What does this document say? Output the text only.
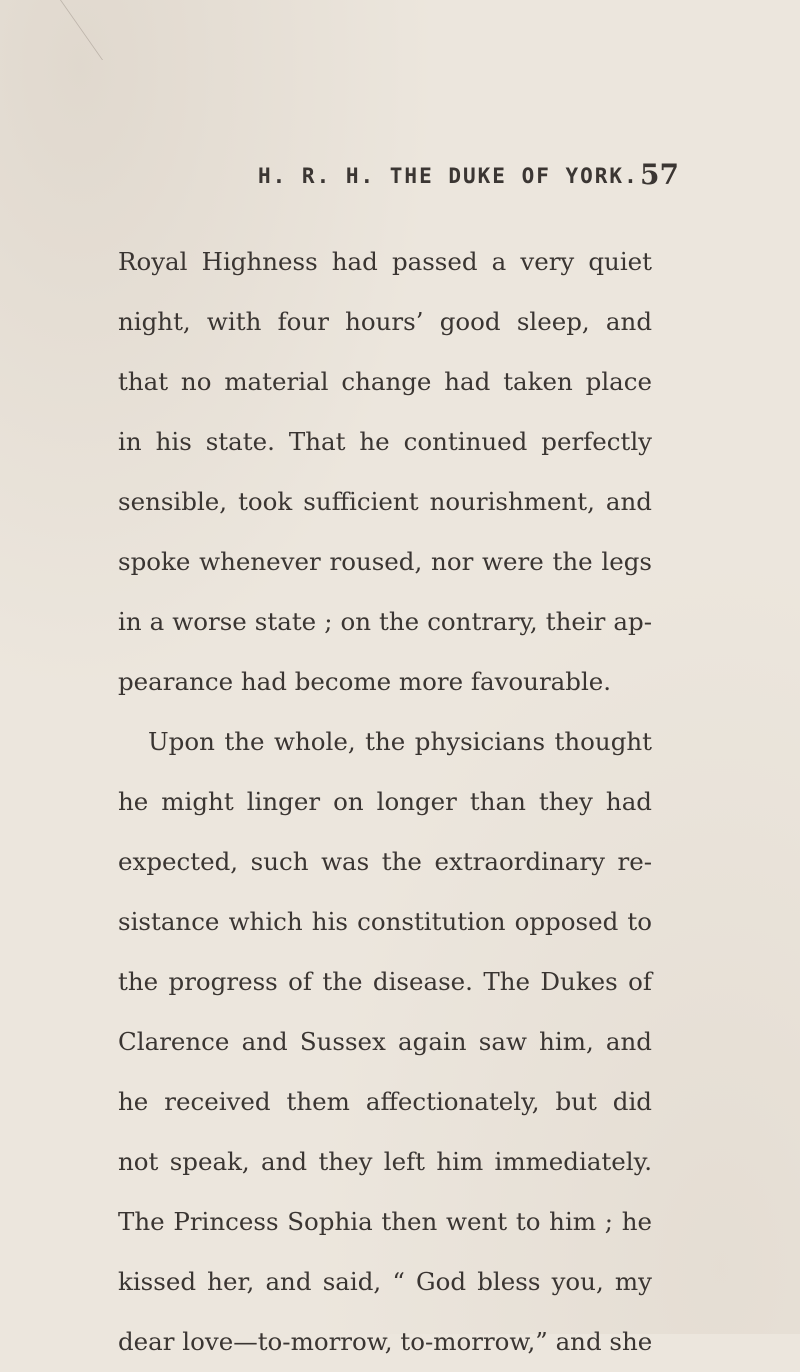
H. R. H. THE DUKE OF YORK. 57
Royal Highness had passed a very quiet
night, with four hours’ good sleep, and
that no material change had taken place
in his state. That he continued perfectly
sensible, took sufficient nourishment, and
spoke whenever roused, nor were the legs
in a worse state ; on the contrary, their ap-
pearance had become more favourable.
Upon the whole, the physicians thought
he might linger on longer than they had
expected, such was the extraordinary re-
sistance which his constitution opposed to
the progress of the disease. The Dukes of
Clarence and Sussex again saw him, and
he received them affectionately, but did
not speak, and they left him immediately.
The Princess Sophia then went to him ; he
kissed her, and said, “ God bless you, my
dear love—to-morrow, to-morrow,” and she
